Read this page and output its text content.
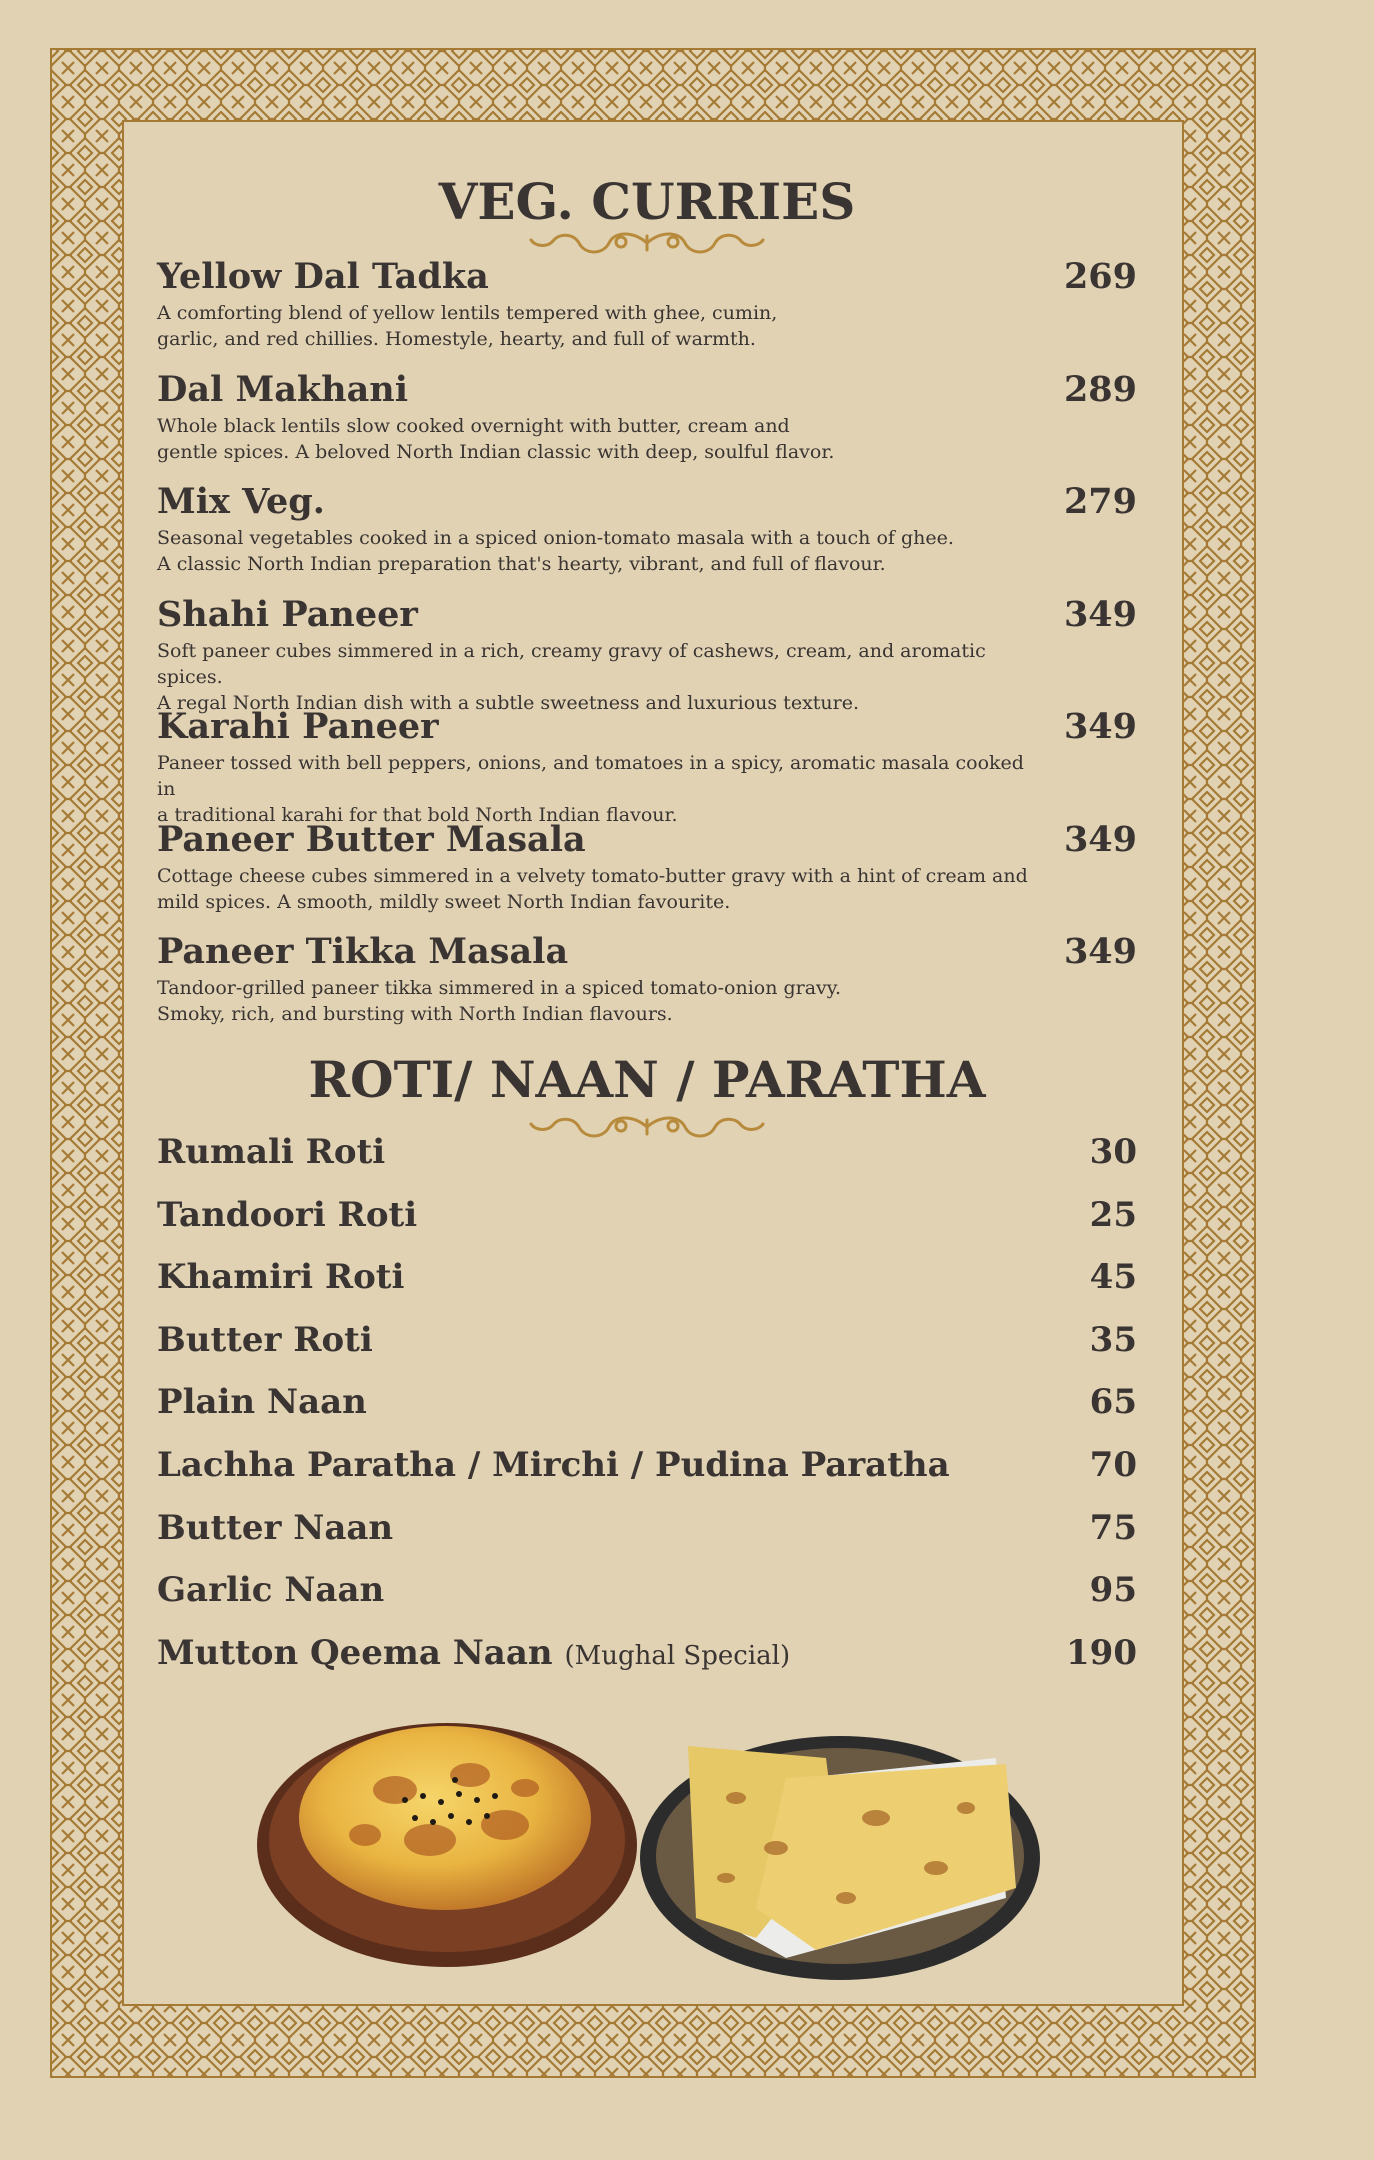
VEG. CURRIES
Yellow Dal Tadka	269
A comforting blend of yellow lentils tempered with ghee, cumin,
garlic, and red chillies. Homestyle, hearty, and full of warmth.
Dal Makhani	289
Whole black lentils slow cooked overnight with butter, cream and
gentle spices. A beloved North Indian classic with deep, soulful flavor.
Mix Veg.	279
Seasonal vegetables cooked in a spiced onion-tomato masala with a touch of ghee.
A classic North Indian preparation that's hearty, vibrant, and full of flavour.
Shahi Paneer	349
Soft paneer cubes simmered in a rich, creamy gravy of cashews, cream, and aromatic spices.
A regal North Indian dish with a subtle sweetness and luxurious texture.
Karahi Paneer	349
Paneer tossed with bell peppers, onions, and tomatoes in a spicy, aromatic masala cooked in
a traditional karahi for that bold North Indian flavour.
Paneer Butter Masala	349
Cottage cheese cubes simmered in a velvety tomato-butter gravy with a hint of cream and
mild spices. A smooth, mildly sweet North Indian favourite.
Paneer Tikka Masala	349
Tandoor-grilled paneer tikka simmered in a spiced tomato-onion gravy.
Smoky, rich, and bursting with North Indian flavours.
ROTI/ NAAN / PARATHA
Rumali Roti	30
Tandoori Roti	25
Khamiri Roti	45
Butter Roti	35
Plain Naan	65
Lachha Paratha / Mirchi / Pudina Paratha	70
Butter Naan	75
Garlic Naan	95
Mutton Qeema Naan (Mughal Special)	190
